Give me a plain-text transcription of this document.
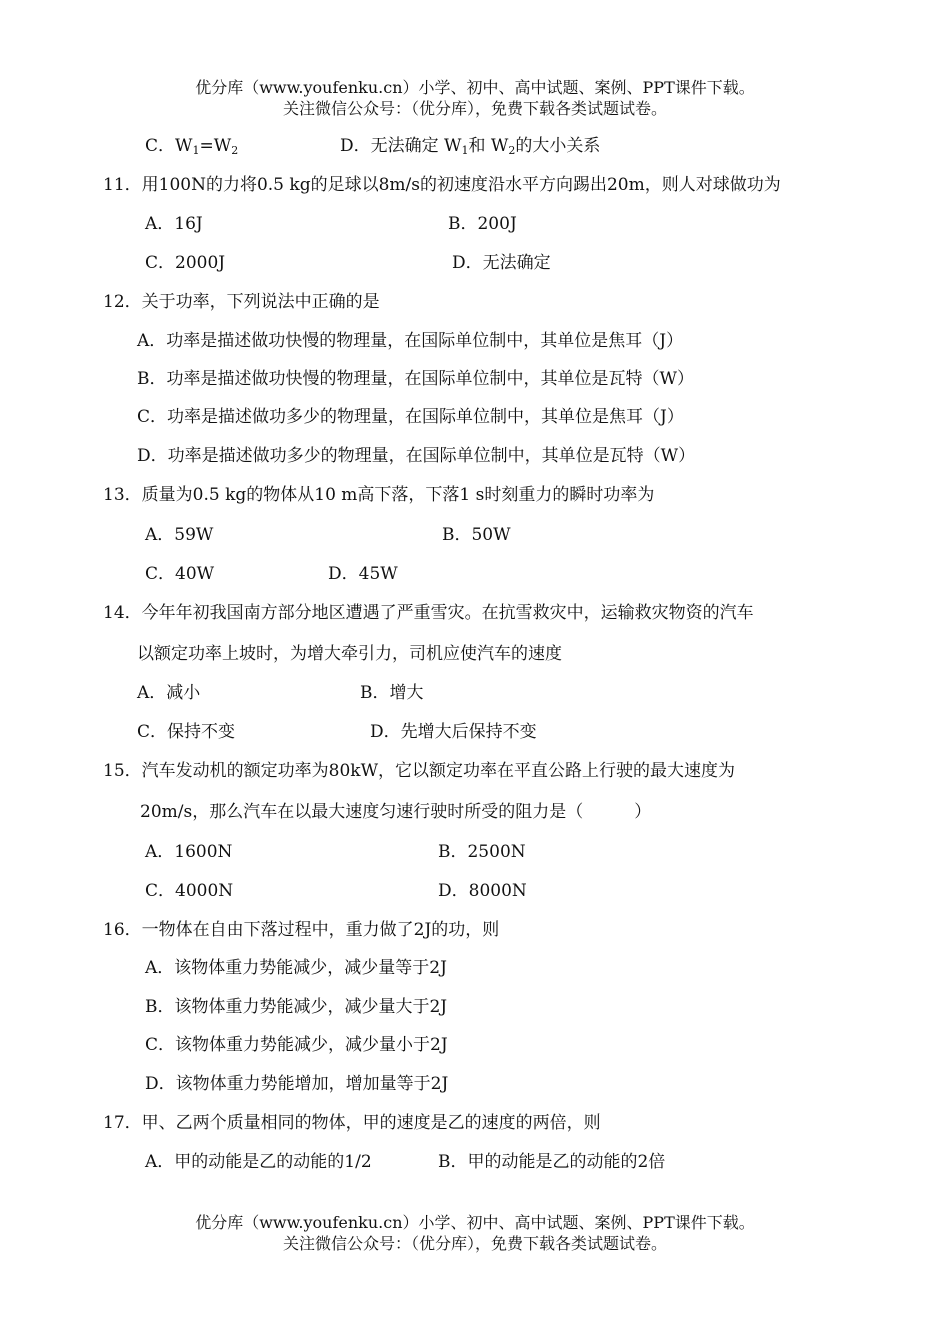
优分库（www.youfenku.cn）小学、初中、高中试题、案例、PPT课件下载。
关注微信公众号：（优分库），免费下载各类试题试卷。
C．$W_1=W_2$	D．无法确定 $W_1$和 $W_2$的大小关系
11．用100N的力将0.5 kg的足球以8m/s的初速度沿水平方向踢出20m，则人对球做功为
A．16J	B．200J
C．2000J	D．无法确定
12．关于功率，下列说法中正确的是
A．功率是描述做功快慢的物理量，在国际单位制中，其单位是焦耳（J）
B．功率是描述做功快慢的物理量，在国际单位制中，其单位是瓦特（W）
C．功率是描述做功多少的物理量，在国际单位制中，其单位是焦耳（J）
D．功率是描述做功多少的物理量，在国际单位制中，其单位是瓦特（W）
13．质量为0.5 kg的物体从10 m高下落，下落1 s时刻重力的瞬时功率为
A．59W	B．50W
C．40W	D．45W
14．今年年初我国南方部分地区遭遇了严重雪灾。在抗雪救灾中，运输救灾物资的汽车
以额定功率上坡时，为增大牵引力，司机应使汽车的速度
A．减小	B．增大
C．保持不变	D．先增大后保持不变
15．汽车发动机的额定功率为80kW，它以额定功率在平直公路上行驶的最大速度为
20m/s，那么汽车在以最大速度匀速行驶时所受的阻力是（　　　）
A．1600N	B．2500N
C．4000N	D．8000N
16．一物体在自由下落过程中，重力做了2J的功，则
A．该物体重力势能减少，减少量等于2J
B．该物体重力势能减少，减少量大于2J
C．该物体重力势能减少，减少量小于2J
D．该物体重力势能增加，增加量等于2J
17．甲、乙两个质量相同的物体，甲的速度是乙的速度的两倍，则
A．甲的动能是乙的动能的1/2	B．甲的动能是乙的动能的2倍
优分库（www.youfenku.cn）小学、初中、高中试题、案例、PPT课件下载。
关注微信公众号：（优分库），免费下载各类试题试卷。
